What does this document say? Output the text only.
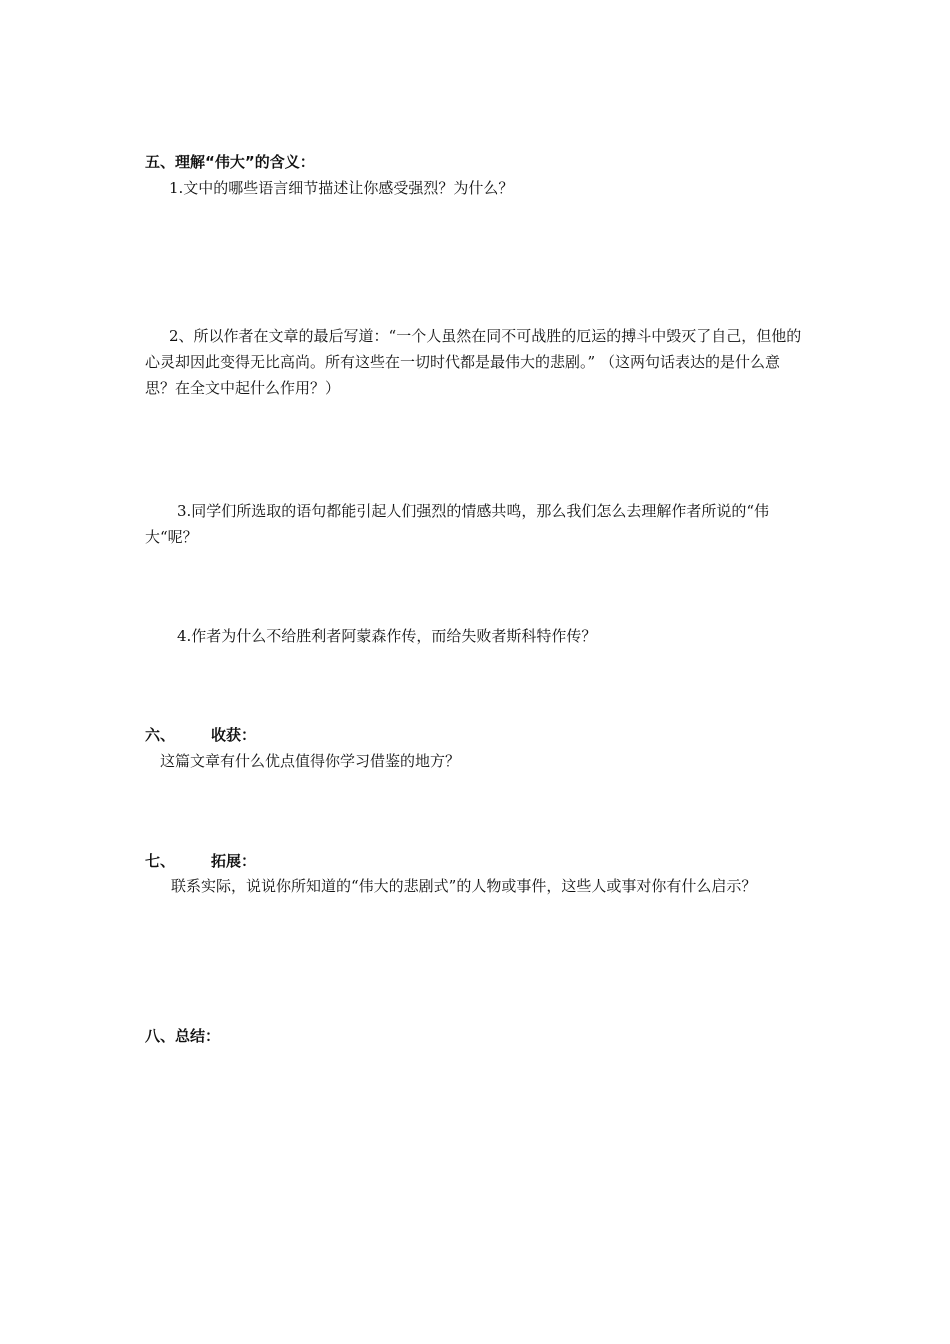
五、理解“伟大”的含义：
1.文中的哪些语言细节描述让你感受强烈？为什么？
2、所以作者在文章的最后写道：“一个人虽然在同不可战胜的厄运的搏斗中毁灭了自己，但他的心灵却因此变得无比高尚。所有这些在一切时代都是最伟大的悲剧。” （这两句话表达的是什么意思？在全文中起什么作用？）
3.同学们所选取的语句都能引起人们强烈的情感共鸣，那么我们怎么去理解作者所说的“伟大“呢？
4.作者为什么不给胜利者阿蒙森作传，而给失败者斯科特作传？
六、 收获：
这篇文章有什么优点值得你学习借鉴的地方？
七、 拓展：
联系实际，说说你所知道的“伟大的悲剧式”的人物或事件，这些人或事对你有什么启示？
八、总结：
